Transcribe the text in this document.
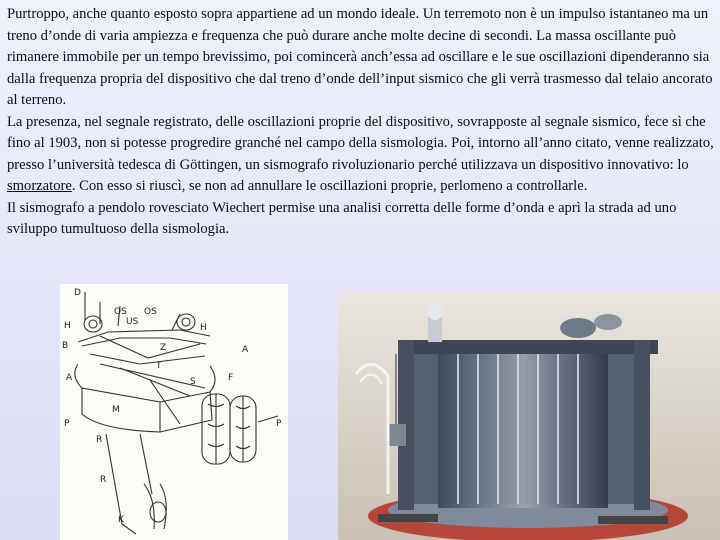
Purtroppo, anche quanto esposto sopra appartiene ad un mondo ideale. Un terremoto non è un impulso istantaneo ma un treno d’onde di varia ampiezza e frequenza che può durare anche molte decine di secondi. La massa oscillante può rimanere immobile per un tempo brevissimo, poi comincerà anch’essa ad oscillare e le sue oscillazioni dipenderanno sia dalla frequenza propria del dispositivo che dal treno d’onde dell’input sismico che gli verrà trasmesso dal telaio ancorato al terreno.

La presenza, nel segnale registrato, delle oscillazioni proprie del dispositivo, sovrapposte al segnale sismico, fece sì che fino al 1903, non si potesse progredire granché nel campo della sismologia. Poi, intorno all’anno citato, venne realizzato, presso l’università tedesca di Göttingen, un sismografo rivoluzionario perché utilizzava un dispositivo innovativo: lo smorzatore. Con esso si riuscì, se non ad annullare le oscillazioni proprie, perlomeno a controllarle.

Il sismografo a pendolo rovesciato Wiechert permise una analisi corretta delle forme d’onda e aprì la strada ad uno sviluppo tumultuoso della sismologia.

D
OS OS
US
H	H
B	Z
A
A
T
S	F
M
P	P
R
R
K
